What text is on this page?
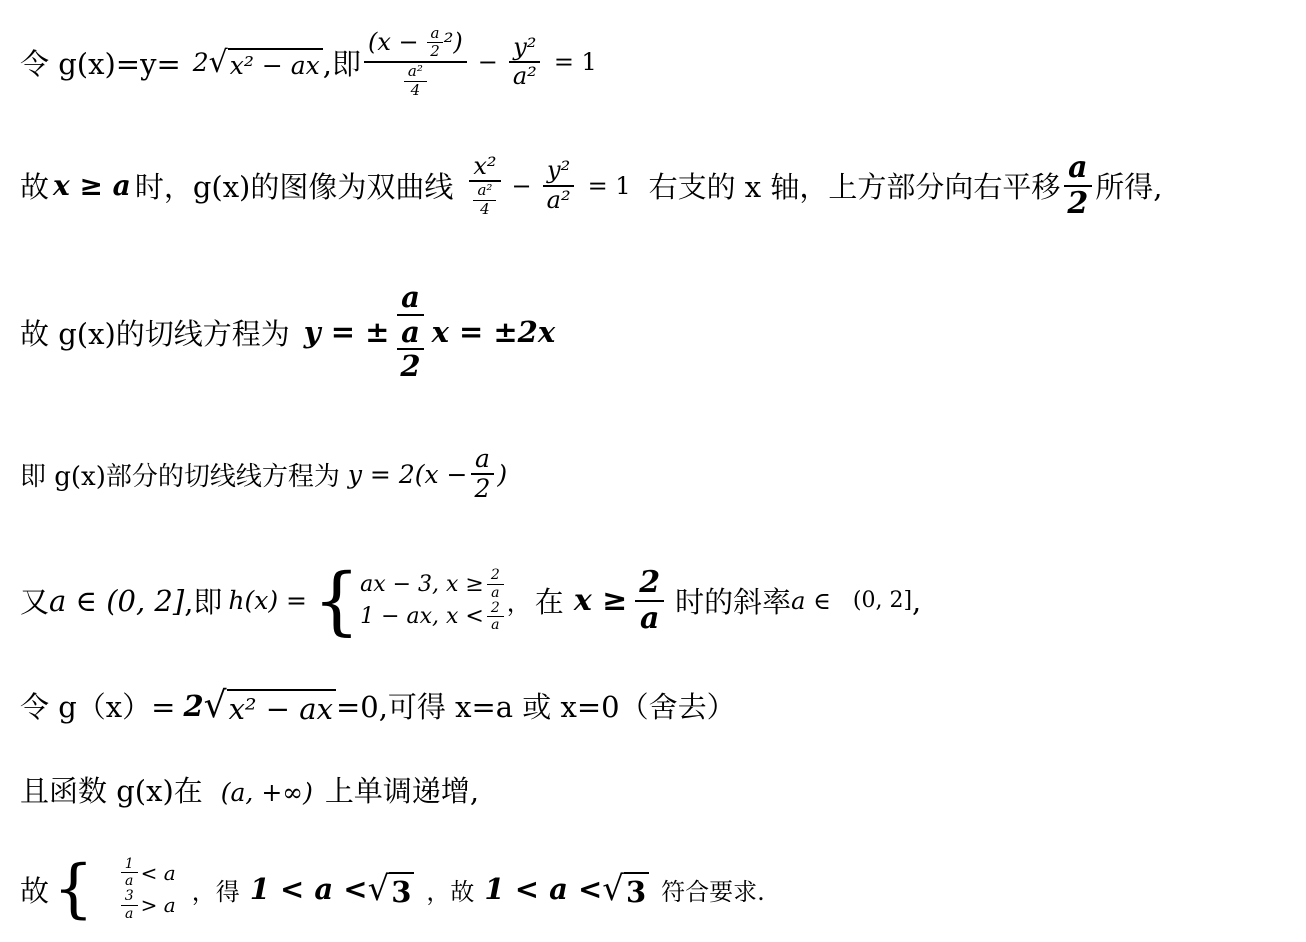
令 g(x)=y= 2 √ x² − ax ,即 $\frac{(x - \frac{a}{2} ^2)}{\frac{\text{a²}}{4}} - \frac{\text{y²}}{\text{a²}} = 1$
故 x ≥ a 时，g(x)的图像为双曲线 $\frac{\text{x²}}{\frac{\text{a²}}{4}} - \frac{\text{y²}}{\text{a²}} = 1$ 右支的 x 轴，上方部分向右平移 $\frac{a}{2}$ 所得,
故 g(x)的切线方程为 y = ± $\frac{a}{\frac{a}{2}}$ x = ±2x
即 g(x)部分的切线线方程为 $y = 2(x - \frac{a}{2}$ )
又 a ∈ (0, 2] ,即 h(x) = { ax − 3, $x \ge \frac{2}{a}$
1 − ax, $x < \frac{2}{a}$ ， 在 $x \ge \frac{2}{a}$ 时的斜率 a ∈ (0, 2] ,
令 g（x）= 2 √ x² − ax =0,可得 x=a 或 x=0（舍去）
且函数 g(x)在 (a, +∞) 上单调递增,
故 { $\frac{1}{a} < a$
$\frac{3}{a} > a$ ，得 1 < a < √ 3 ，故 1 < a < √ 3 符合要求.
